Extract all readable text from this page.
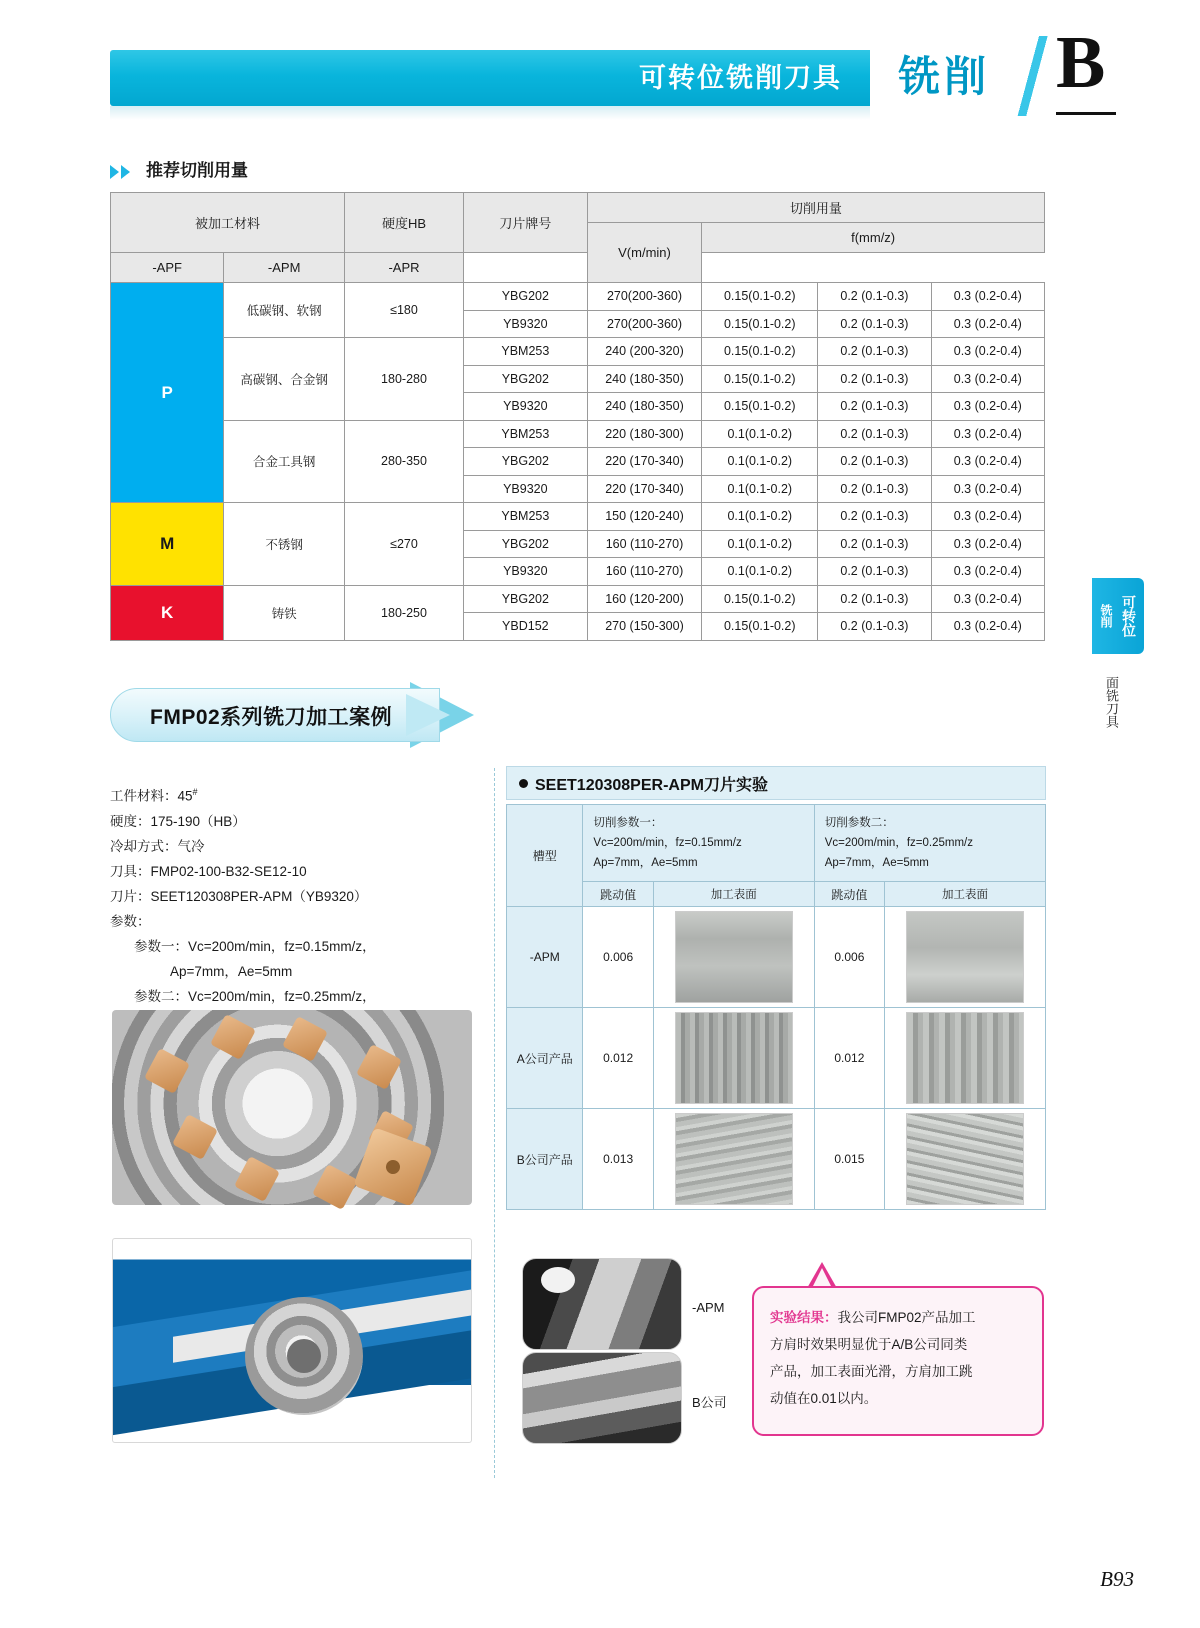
可转位铣削刀具	铣削 B
铣削 可转位
面铣刀具
推荐切削用量
被加工材料		硬度HB	刀片牌号	切削用量			
				V(m/min)	f(mm/z)		
-APF	-APM	-APR					
P	低碳钢、软钢	≤180	YBG202	270(200-360)	0.15(0.1-0.2)	0.2 (0.1-0.3)	0.3 (0.2-0.4)
			YB9320	270(200-360)	0.15(0.1-0.2)	0.2 (0.1-0.3)	0.3 (0.2-0.4)
	高碳钢、合金钢	180-280	YBM253	240 (200-320)	0.15(0.1-0.2)	0.2 (0.1-0.3)	0.3 (0.2-0.4)
			YBG202	240 (180-350)	0.15(0.1-0.2)	0.2 (0.1-0.3)	0.3 (0.2-0.4)
			YB9320	240 (180-350)	0.15(0.1-0.2)	0.2 (0.1-0.3)	0.3 (0.2-0.4)
	合金工具钢	280-350	YBM253	220 (180-300)	0.1(0.1-0.2)	0.2 (0.1-0.3)	0.3 (0.2-0.4)
			YBG202	220 (170-340)	0.1(0.1-0.2)	0.2 (0.1-0.3)	0.3 (0.2-0.4)
			YB9320	220 (170-340)	0.1(0.1-0.2)	0.2 (0.1-0.3)	0.3 (0.2-0.4)
M	不锈钢	≤270	YBM253	150 (120-240)	0.1(0.1-0.2)	0.2 (0.1-0.3)	0.3 (0.2-0.4)
			YBG202	160 (110-270)	0.1(0.1-0.2)	0.2 (0.1-0.3)	0.3 (0.2-0.4)
			YB9320	160 (110-270)	0.1(0.1-0.2)	0.2 (0.1-0.3)	0.3 (0.2-0.4)
K	铸铁	180-250	YBG202	160 (120-200)	0.15(0.1-0.2)	0.2 (0.1-0.3)	0.3 (0.2-0.4)
			YBD152	270 (150-300)	0.15(0.1-0.2)	0.2 (0.1-0.3)	0.3 (0.2-0.4)
FMP02系列铣刀加工案例
工件材料：45#
硬度：175-190（HB）
冷却方式：气冷
刀具：FMP02-100-B32-SE12-10
刀片：SEET120308PER-APM（YB9320）
参数：
参数一：Vc=200m/min，fz=0.15mm/z，
Ap=7mm，Ae=5mm
参数二：Vc=200m/min，fz=0.25mm/z，
SEET120308PER-APM刀片实验
槽型	
切削参数一：
Vc=200m/min，fz=0.15mm/z
Ap=7mm，Ae=5mm

切削参数二：
Vc=200m/min，fz=0.25mm/z
Ap=7mm，Ae=5mm

	跳动值	加工表面	跳动值	加工表面
-APM	0.006		0.006	

A公司产品	0.012		0.012	

B公司产品	0.013		0.015	
-APM
B公司
实验结果：我公司FMP02产品加工
方肩时效果明显优于A/B公司同类
产品，加工表面光滑，方肩加工跳
动值在0.01以内。
B93
